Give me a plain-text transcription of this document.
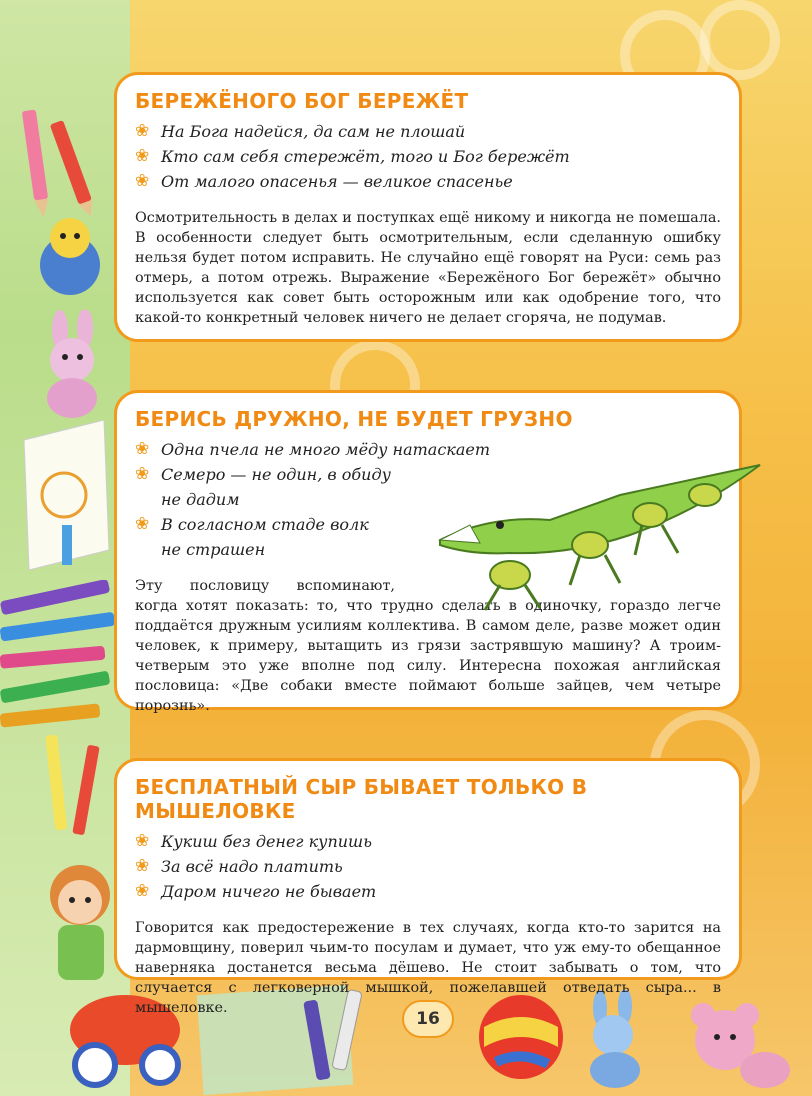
БЕРЕЖЁНОГО БОГ БЕРЕЖЁТ
❀ На Бога надейся, да сам не плошай
❀ Кто сам себя стережёт, того и Бог бережёт
❀ От малого опасенья — великое спасенье

Осмотрительность в делах и поступках ещё никому и никогда не помешала. В особенности следует быть осмотрительным, если сделанную ошибку нельзя будет потом исправить. Не случайно ещё говорят на Руси: семь раз отмерь, а потом отрежь. Выражение «Бережёного Бог бережёт» обычно используется как совет быть осторожным или как одобрение того, что какой-то конкретный человек ничего не делает сгоряча, не подумав.

БЕРИСЬ ДРУЖНО, НЕ БУДЕТ ГРУЗНО
❀ Одна пчела не много мёду натаскает
❀ Семеро — не один, в обиду не дадим
❀ В согласном стаде волк не страшен

Эту пословицу вспоминают, когда хотят показать: то, что трудно сделать в одиночку, гораздо легче поддаётся дружным усилиям коллектива. В самом деле, разве может один человек, к примеру, вытащить из грязи застрявшую машину? А троим-четверым это уже вполне под силу. Интересна похожая английская пословица: «Две собаки вместе поймают больше зайцев, чем четыре порознь».

БЕСПЛАТНЫЙ СЫР БЫВАЕТ ТОЛЬКО В МЫШЕЛОВКЕ
❀ Кукиш без денег купишь
❀ За всё надо платить
❀ Даром ничего не бывает

Говорится как предостережение в тех случаях, когда кто-то зарится на дармовщину, поверил чьим-то посулам и думает, что уж ему-то обещанное наверняка достанется весьма дёшево. Не стоит забывать о том, что случается с легковерной мышкой, пожелавшей отведать сыра... в мышеловке.

16
